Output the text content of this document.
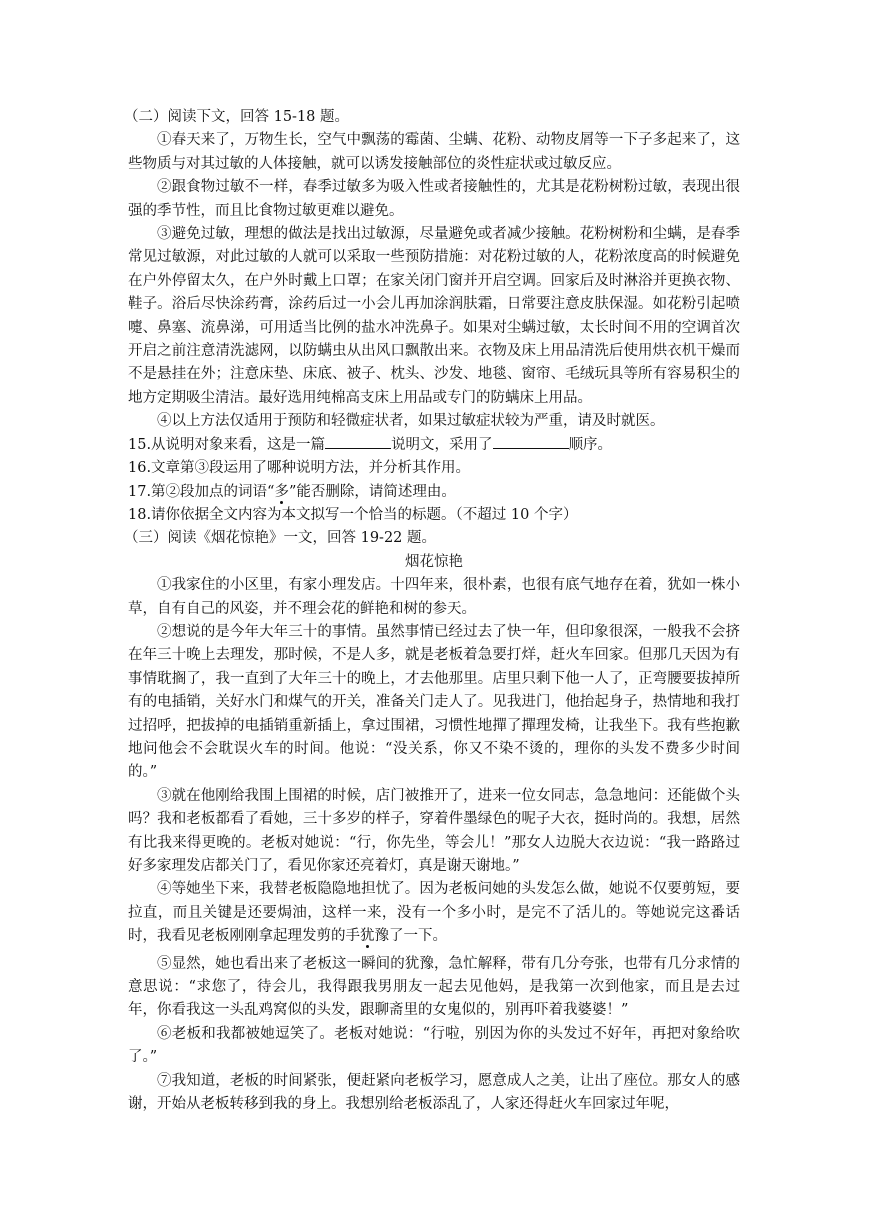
（二）阅读下文，回答 15-18 题。

①春天来了，万物生长，空气中飘荡的霉菌、尘螨、花粉、动物皮屑等一下子多起来了，这些物质与对其过敏的人体接触，就可以诱发接触部位的炎性症状或过敏反应。

②跟食物过敏不一样，春季过敏多为吸入性或者接触性的，尤其是花粉树粉过敏，表现出很强的季节性，而且比食物过敏更难以避免。

③避免过敏，理想的做法是找出过敏源，尽量避免或者减少接触。花粉树粉和尘螨，是春季常见过敏源，对此过敏的人就可以采取一些预防措施：对花粉过敏的人，花粉浓度高的时候避免在户外停留太久，在户外时戴上口罩；在家关闭门窗并开启空调。回家后及时淋浴并更换衣物、鞋子。浴后尽快涂药膏，涂药后过一小会儿再加涂润肤霜，日常要注意皮肤保湿。如花粉引起喷嚏、鼻塞、流鼻涕，可用适当比例的盐水冲洗鼻子。如果对尘螨过敏，太长时间不用的空调首次开启之前注意清洗滤网，以防螨虫从出风口飘散出来。衣物及床上用品清洗后使用烘衣机干燥而不是悬挂在外；注意床垫、床底、被子、枕头、沙发、地毯、窗帘、毛绒玩具等所有容易积尘的地方定期吸尘清洁。最好选用纯棉高支床上用品或专门的防螨床上用品。

④以上方法仅适用于预防和轻微症状者，如果过敏症状较为严重，请及时就医。

15.从说明对象来看，这是一篇	说明文，采用了	顺序。

16.文章第③段运用了哪种说明方法，并分析其作用。

17.第②段加点的词语“多”能否删除，请简述理由。

18.请你依据全文内容为本文拟写一个恰当的标题。（不超过 10 个字）

（三）阅读《烟花惊艳》一文，回答 19-22 题。

烟花惊艳

①我家住的小区里，有家小理发店。十四年来，很朴素，也很有底气地存在着，犹如一株小草，自有自己的风姿，并不理会花的鲜艳和树的参天。

②想说的是今年大年三十的事情。虽然事情已经过去了快一年，但印象很深，一般我不会挤在年三十晚上去理发，那时候，不是人多，就是老板着急要打烊，赶火车回家。但那几天因为有事情耽搁了，我一直到了大年三十的晚上，才去他那里。店里只剩下他一人了，正弯腰要拔掉所有的电插销，关好水门和煤气的开关，准备关门走人了。见我进门，他抬起身子，热情地和我打过招呼，把拔掉的电插销重新插上，拿过围裙，习惯性地撣了撣理发椅，让我坐下。我有些抱歉地问他会不会耽误火车的时间。他说：“没关系，你又不染不烫的，理你的头发不费多少时间的。”

③就在他刚给我围上围裙的时候，店门被推开了，进来一位女同志，急急地问：还能做个头吗？我和老板都看了看她，三十多岁的样子，穿着件墨绿色的呢子大衣，挺时尚的。我想，居然有比我来得更晚的。老板对她说：“行，你先坐，等会儿！”那女人边脱大衣边说：“我一路路过好多家理发店都关门了，看见你家还亮着灯，真是谢天谢地。”

④等她坐下来，我替老板隐隐地担忧了。因为老板问她的头发怎么做，她说不仅要剪短，要拉直，而且关键是还要焗油，这样一来，没有一个多小时，是完不了活儿的。等她说完这番话时，我看见老板刚刚拿起理发剪的手犹豫了一下。

⑤显然，她也看出来了老板这一瞬间的犹豫，急忙解释，带有几分夸张，也带有几分求情的意思说：“求您了，待会儿，我得跟我男朋友一起去见他妈，是我第一次到他家，而且是去过年，你看我这一头乱鸡窝似的头发，跟聊斋里的女鬼似的，别再吓着我婆婆！”

⑥老板和我都被她逗笑了。老板对她说：“行啦，别因为你的头发过不好年，再把对象给吹了。”

⑦我知道，老板的时间紧张，便赶紧向老板学习，愿意成人之美，让出了座位。那女人的感谢，开始从老板转移到我的身上。我想别给老板添乱了，人家还得赶火车回家过年呢，
